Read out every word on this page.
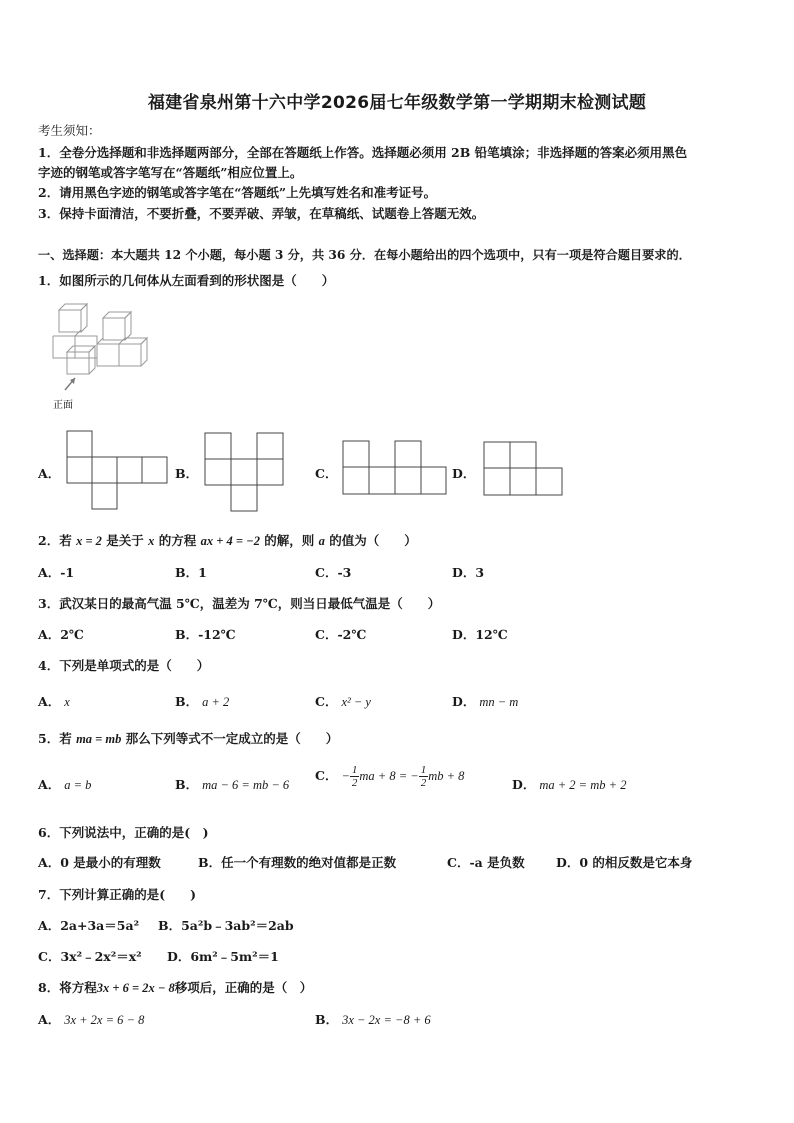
福建省泉州第十六中学2026届七年级数学第一学期期末检测试题
考生须知：
1．全卷分选择题和非选择题两部分，全部在答题纸上作答。选择题必须用 2B 铅笔填涂；非选择题的答案必须用黑色
字迹的钢笔或答字笔写在“答题纸”相应位置上。
2．请用黑色字迹的钢笔或答字笔在“答题纸”上先填写姓名和准考证号。
3．保持卡面清洁，不要折叠，不要弄破、弄皱，在草稿纸、试题卷上答题无效。
一、选择题：本大题共 12 个小题，每小题 3 分，共 36 分．在每小题给出的四个选项中，只有一项是符合题目要求的．
1．如图所示的几何体从左面看到的形状图是（　　）
正面
A．	B．	C．	D．
2．若 x = 2 是关于 x 的方程 ax + 4 = −2 的解，则 a 的值为（　　）
A．-1	B．1	C．-3	D．3
3．武汉某日的最高气温 5℃，温差为 7℃，则当日最低气温是（　　）
A．2℃	B．-12℃	C．-2℃	D．12℃
4．下列是单项式的是（　　）
A． x	B． a + 2	C． x² − y	D． mn − m
5．若 ma = mb 那么下列等式不一定成立的是（　　）
A． a = b	B． ma − 6 = mb − 6
C． − $\frac{1}{2}$ ma + 8 = − $\frac{1}{2}$ mb + 8
D． ma + 2 = mb + 2
6．下列说法中，正确的是(　)
A．0 是最小的有理数	B．任一个有理数的绝对值都是正数	C．-a 是负数	D．0 的相反数是它本身
7．下列计算正确的是(　　)
A．2a+3a＝5a² B．5a²b﹣3ab²＝2ab
C．3x²﹣2x²＝x² D．6m²﹣5m²＝1
8．将方程3x + 6 = 2x − 8移项后，正确的是（　）
A． 3x + 2x = 6 − 8	B． 3x − 2x = −8 + 6
